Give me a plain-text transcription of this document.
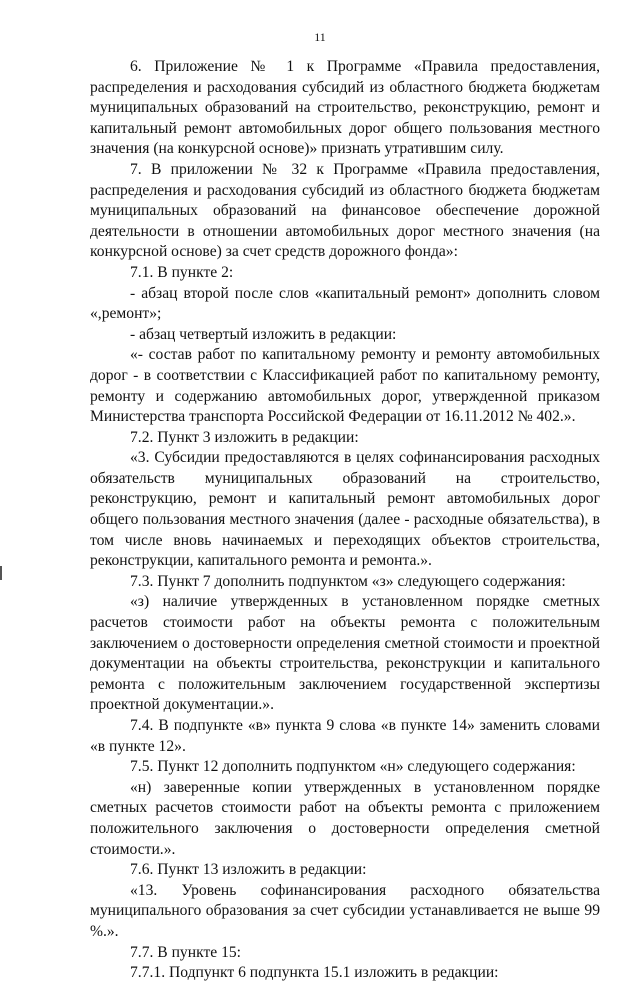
11

6. Приложение № 1 к Программе «Правила предоставления, распределения и расходования субсидий из областного бюджета бюджетам муниципальных образований на строительство, реконструкцию, ремонт и капитальный ремонт автомобильных дорог общего пользования местного значения (на конкурсной основе)» признать утратившим силу.

7. В приложении № 32 к Программе «Правила предоставления, распределения и расходования субсидий из областного бюджета бюджетам муниципальных образований на финансовое обеспечение дорожной деятельности в отношении автомобильных дорог местного значения (на конкурсной основе) за счет средств дорожного фонда»:

7.1. В пункте 2:

- абзац второй после слов «капитальный ремонт» дополнить словом «,ремонт»;

- абзац четвертый изложить в редакции:

«- состав работ по капитальному ремонту и ремонту автомобильных дорог - в соответствии с Классификацией работ по капитальному ремонту, ремонту и содержанию автомобильных дорог, утвержденной приказом Министерства транспорта Российской Федерации от 16.11.2012 № 402.».

7.2. Пункт 3 изложить в редакции:

«3. Субсидии предоставляются в целях софинансирования расходных обязательств муниципальных образований на строительство, реконструкцию, ремонт и капитальный ремонт автомобильных дорог общего пользования местного значения (далее - расходные обязательства), в том числе вновь начинаемых и переходящих объектов строительства, реконструкции, капитального ремонта и ремонта.».

7.3. Пункт 7 дополнить подпунктом «з» следующего содержания:

«з) наличие утвержденных в установленном порядке сметных расчетов стоимости работ на объекты ремонта с положительным заключением о достоверности определения сметной стоимости и проектной документации на объекты строительства, реконструкции и капитального ремонта с положительным заключением государственной экспертизы проектной документации.».

7.4. В подпункте «в» пункта 9 слова «в пункте 14» заменить словами «в пункте 12».

7.5. Пункт 12 дополнить подпунктом «н» следующего содержания:

«н) заверенные копии утвержденных в установленном порядке сметных расчетов стоимости работ на объекты ремонта с приложением положительного заключения о достоверности определения сметной стоимости.».

7.6. Пункт 13 изложить в редакции:

«13. Уровень софинансирования расходного обязательства муниципального образования за счет субсидии устанавливается не выше 99 %.».

7.7. В пункте 15:

7.7.1. Подпункт 6 подпункта 15.1 изложить в редакции:
